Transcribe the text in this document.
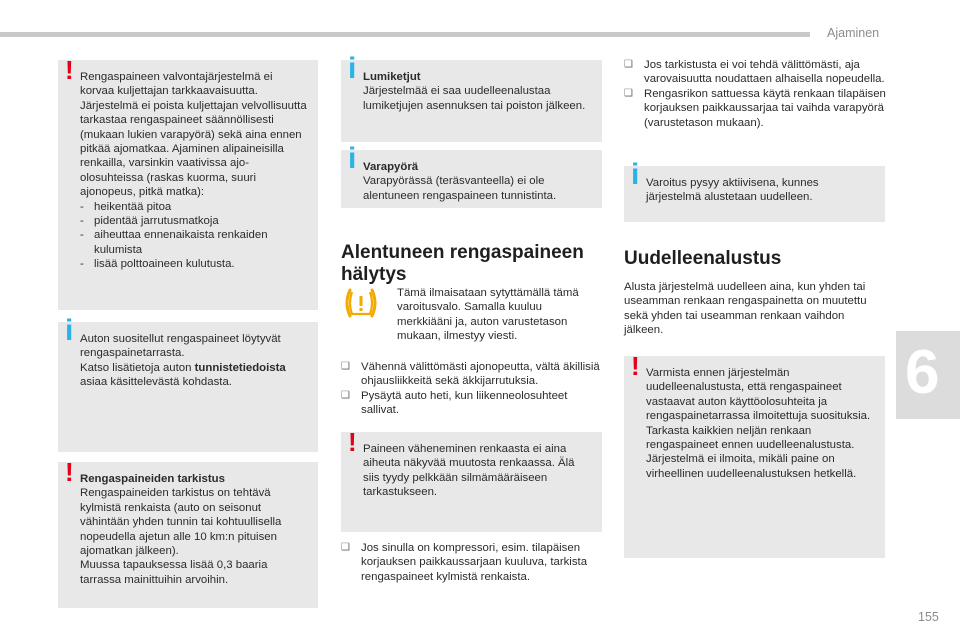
Ajaminen
6
! Rengaspaineen valvontajärjestelmä ei korvaa kuljettajan tarkkaavaisuutta. Järjestelmä ei poista kuljettajan velvollisuutta tarkastaa rengaspaineet säännöllisesti (mukaan lukien varapyörä) sekä aina ennen pitkää ajomatkaa. Ajaminen alipaineisilla renkailla, varsinkin vaativissa ajo-olosuhteissa (raskas kuorma, suuri ajonopeus, pitkä matka):

- heikentää pitoa
- pidentää jarrutusmatkoja
- aiheuttaa ennenaikaista renkaiden kulumista
- lisää polttoaineen kulutusta.
i Auton suositellut rengaspaineet löytyvät rengaspainetarrasta.

Katso lisätietoja auton tunnistetiedoista asiaa käsittelevästä kohdasta.

! Rengaspaineiden tarkistus

Rengaspaineiden tarkistus on tehtävä kylmistä renkaista (auto on seisonut vähintään yhden tunnin tai kohtuullisella nopeudella ajetun alle 10 km:n pituisen ajomatkan jälkeen).

Muussa tapauksessa lisää 0,3 baaria tarrassa mainittuihin arvoihin.

i Lumiketjut

Järjestelmää ei saa uudelleenalustaa lumiketjujen asennuksen tai poiston jälkeen.

i Varapyörä

Varapyörässä (teräsvanteella) ei ole alentuneen rengaspaineen tunnistinta.

Alentuneen rengaspaineen hälytys
Tämä ilmaisataan sytyttämällä tämä varoitusvalo. Samalla kuuluu merkkiääni ja, auton varustetason mukaan, ilmestyy viesti.
❑ Vähennä välittömästi ajonopeutta, vältä äkillisiä ohjausliikkeitä sekä äkkijarrutuksia.
❑ Pysäytä auto heti, kun liikenneolosuhteet sallivat.
! Paineen väheneminen renkaasta ei aina aiheuta näkyvää muutosta renkaassa. Älä siis tyydy pelkkään silmämääräiseen tarkastukseen.

❑ Jos sinulla on kompressori, esim. tilapäisen korjauksen paikkaussarjaan kuuluva, tarkista rengaspaineet kylmistä renkaista.
❑ Jos tarkistusta ei voi tehdä välittömästi, aja varovaisuutta noudattaen alhaisella nopeudella.
❑ Rengasrikon sattuessa käytä renkaan tilapäisen korjauksen paikkaussarjaa tai vaihda varapyörä (varustetason mukaan).
i Varoitus pysyy aktiivisena, kunnes järjestelmä alustetaan uudelleen.

Uudelleenalustus
Alusta järjestelmä uudelleen aina, kun yhden tai useamman renkaan rengaspainetta on muutettu sekä yhden tai useamman renkaan vaihdon jälkeen.
! Varmista ennen järjestelmän uudelleenalustusta, että rengaspaineet vastaavat auton käyttöolosuhteita ja rengaspainetarrassa ilmoitettuja suosituksia.

Tarkasta kaikkien neljän renkaan rengaspaineet ennen uudelleenalustusta. Järjestelmä ei ilmoita, mikäli paine on virheellinen uudelleenalustuksen hetkellä.

155
